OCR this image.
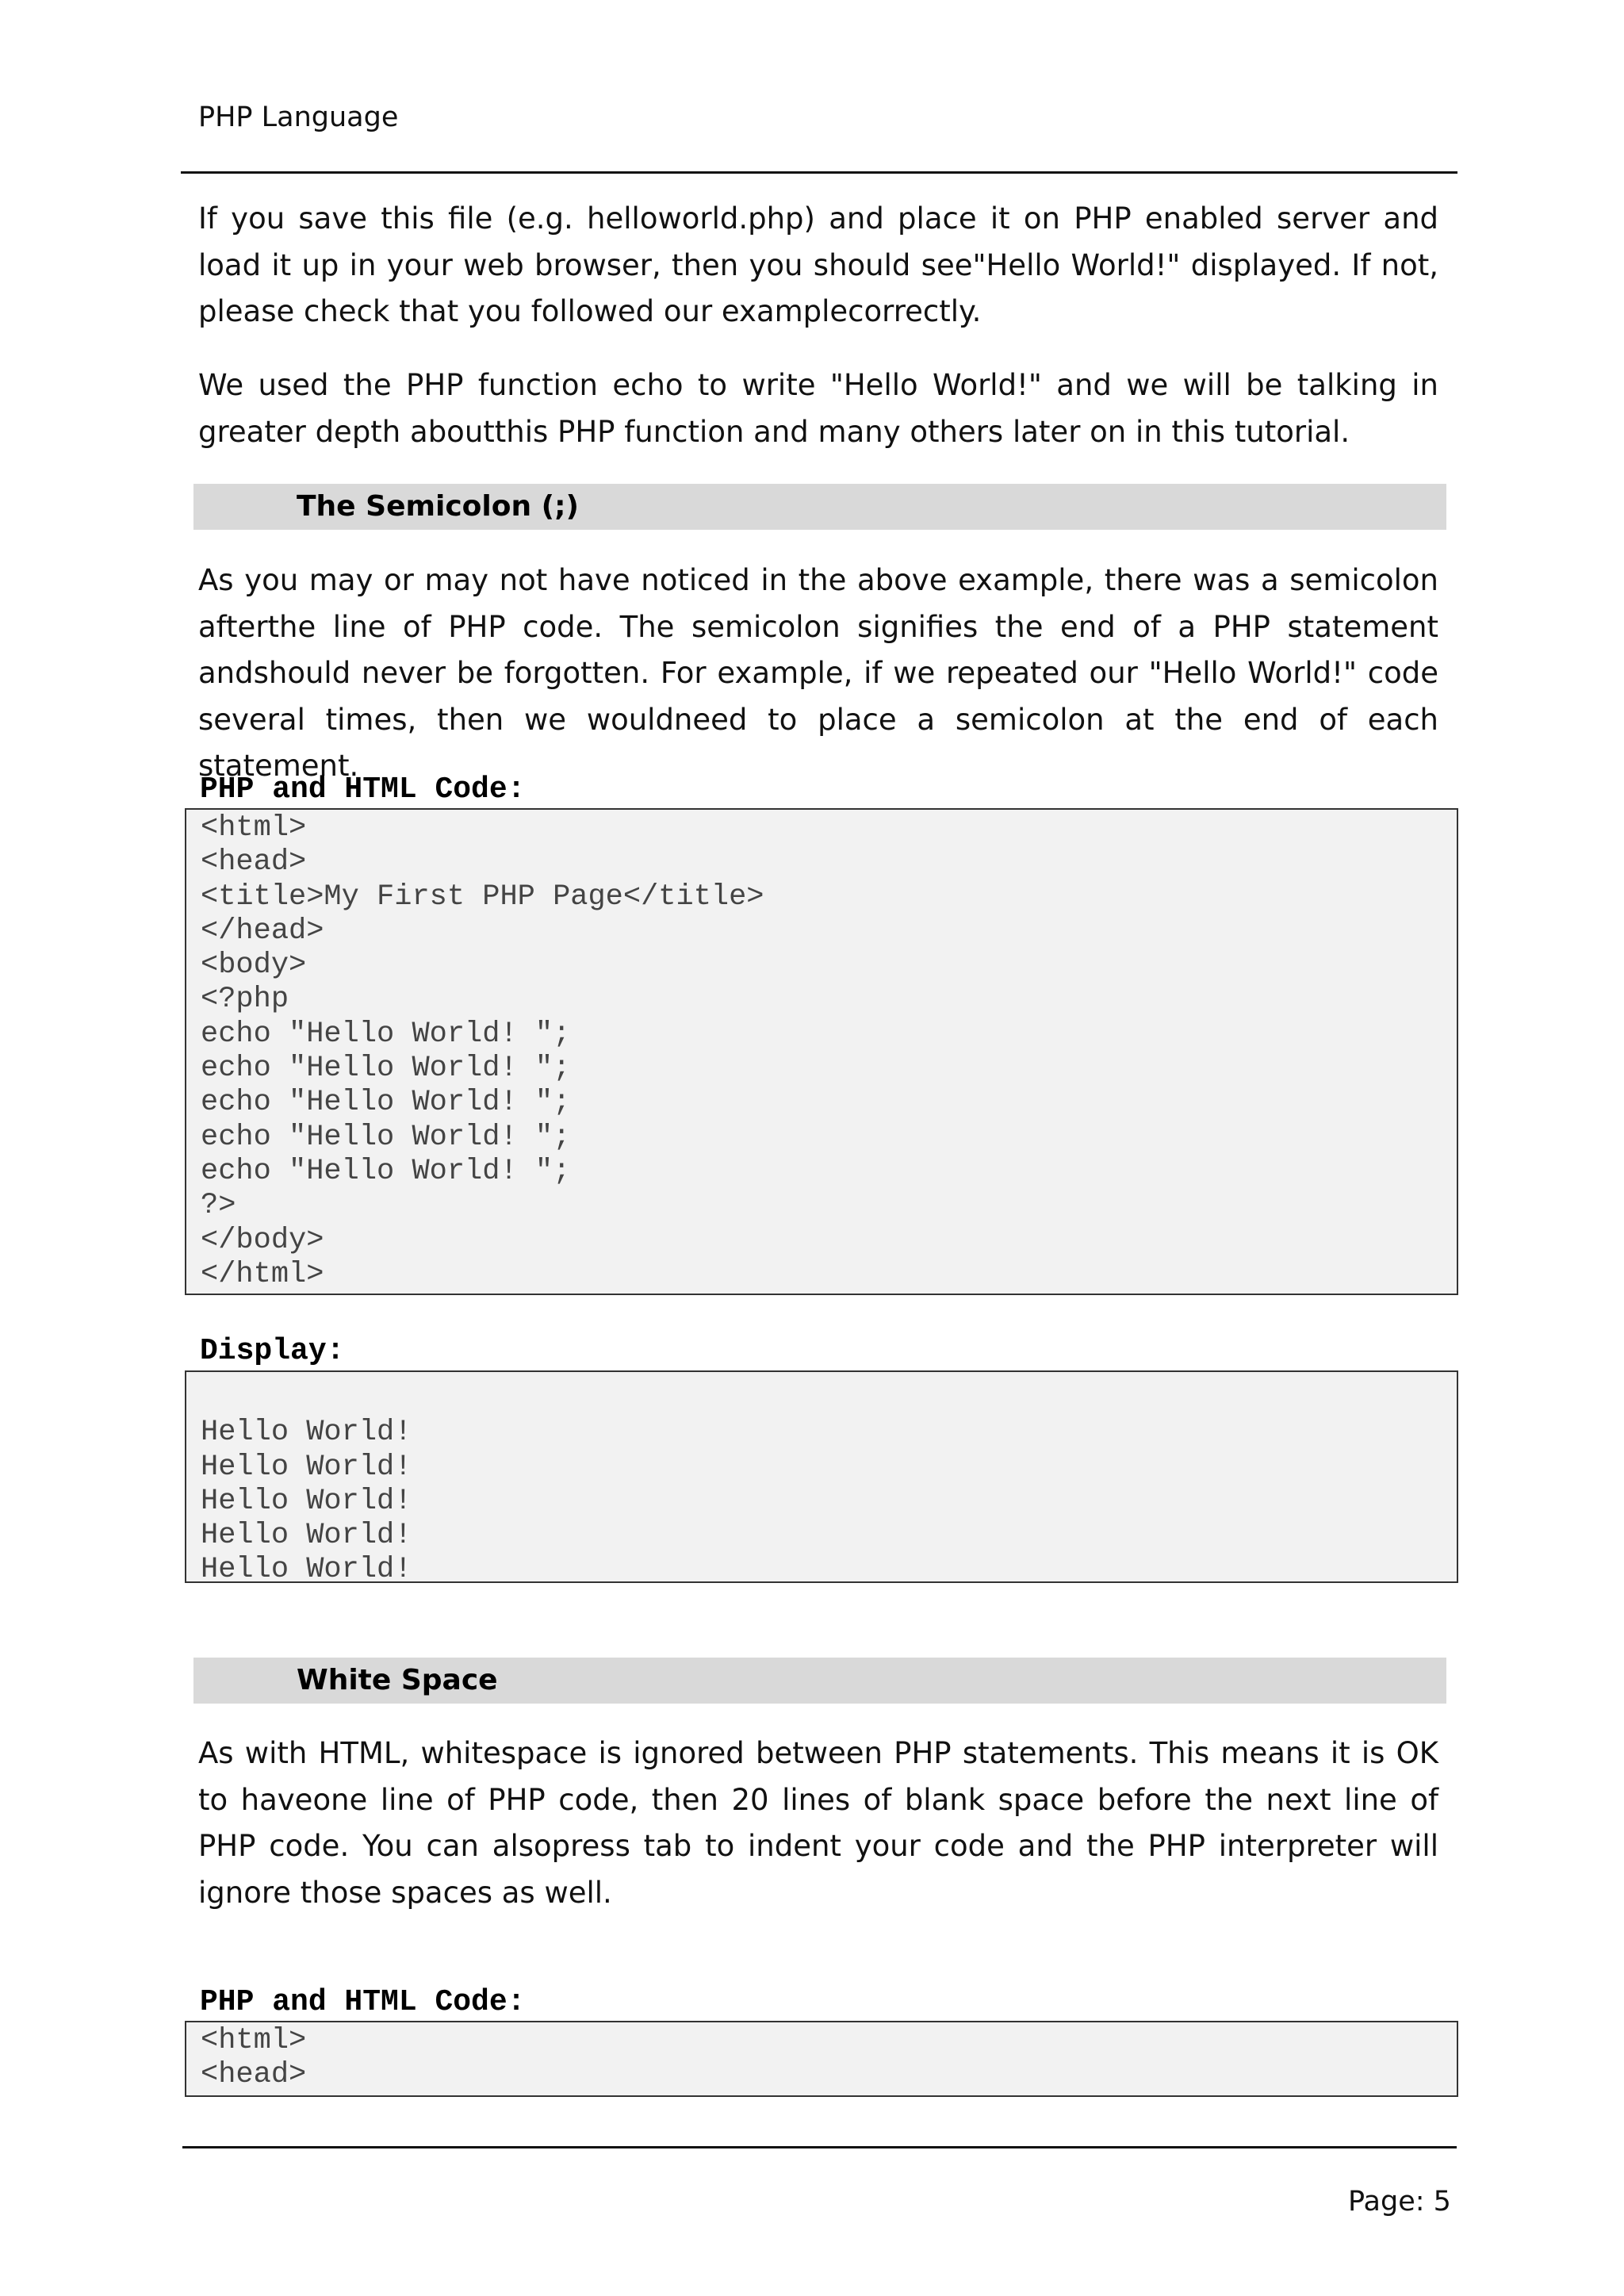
PHP Language

If you save this file (e.g. helloworld.php) and place it on PHP enabled server and load it up in your web browser, then you should see"Hello World!" displayed. If not, please check that you followed our examplecorrectly.

We used the PHP function echo to write "Hello World!" and we will be talking in greater depth aboutthis PHP function and many others later on in this tutorial.

The Semicolon (;)

As you may or may not have noticed in the above example, there was a semicolon afterthe line of PHP code. The semicolon signifies the end of a PHP statement andshould never be forgotten. For example, if we repeated our "Hello World!" code several times, then we wouldneed to place a semicolon at the end of each statement.

PHP and HTML Code:
<html>
<head>
<title>My First PHP Page</title>
</head>
<body>
<?php
echo "Hello World! ";
echo "Hello World! ";
echo "Hello World! ";
echo "Hello World! ";
echo "Hello World! ";
?>
</body>
</html>
Display:
Hello World!
Hello World!
Hello World!
Hello World!
Hello World!
White Space

As with HTML, whitespace is ignored between PHP statements. This means it is OK to haveone line of PHP code, then 20 lines of blank space before the next line of PHP code. You can alsopress tab to indent your code and the PHP interpreter will ignore those spaces as well.

PHP and HTML Code:
<html>
<head>
Page: 5
